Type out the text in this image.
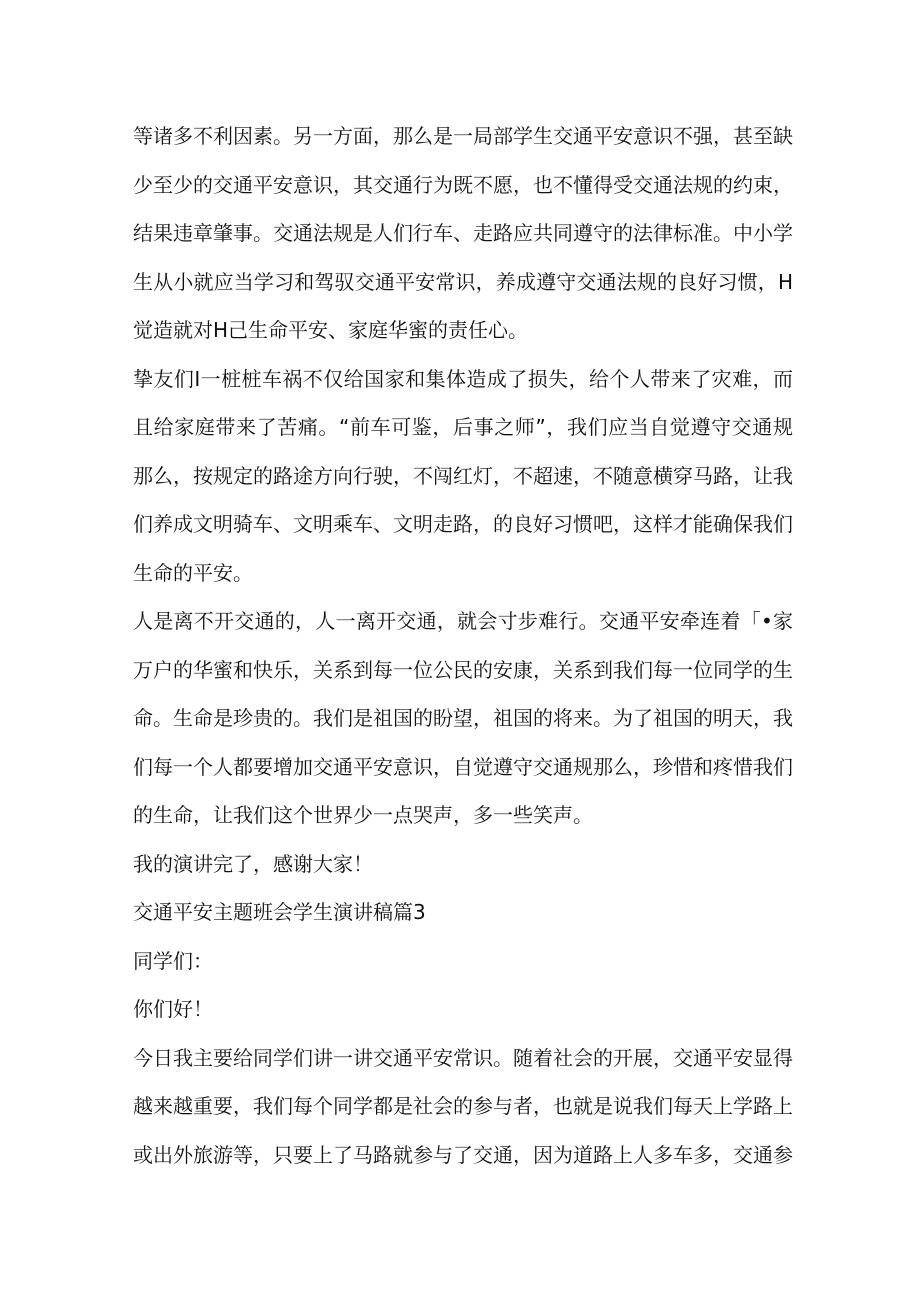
等诸多不利因素。另一方面，那么是一局部学生交通平安意识不强，甚至缺
少至少的交通平安意识，其交通行为既不愿，也不懂得受交通法规的约束，
结果违章肇事。交通法规是人们行车、走路应共同遵守的法律标准。中小学
生从小就应当学习和驾驭交通平安常识，养成遵守交通法规的良好习惯，H
觉造就对H己生命平安、家庭华蜜的责任心。
挚友们I一桩桩车祸不仅给国家和集体造成了损失，给个人带来了灾难，而
且给家庭带来了苦痛。“前车可鉴，后事之师”，我们应当自觉遵守交通规
那么，按规定的路途方向行驶，不闯红灯，不超速，不随意横穿马路，让我
们养成文明骑车、文明乘车、文明走路，的良好习惯吧，这样才能确保我们
生命的平安。
人是离不开交通的，人一离开交通，就会寸步难行。交通平安牵连着「•家
万户的华蜜和快乐，关系到每一位公民的安康，关系到我们每一位同学的生
命。生命是珍贵的。我们是祖国的盼望，祖国的将来。为了祖国的明天，我
们每一个人都要增加交通平安意识，自觉遵守交通规那么，珍惜和疼惜我们
的生命，让我们这个世界少一点哭声，多一些笑声。

我的演讲完了，感谢大家！

交通平安主题班会学生演讲稿篇3

同学们：

你们好！

今日我主要给同学们讲一讲交通平安常识。随着社会的开展，交通平安显得
越来越重要，我们每个同学都是社会的参与者，也就是说我们每天上学路上
或出外旅游等，只要上了马路就参与了交通，因为道路上人多车多，交通参
